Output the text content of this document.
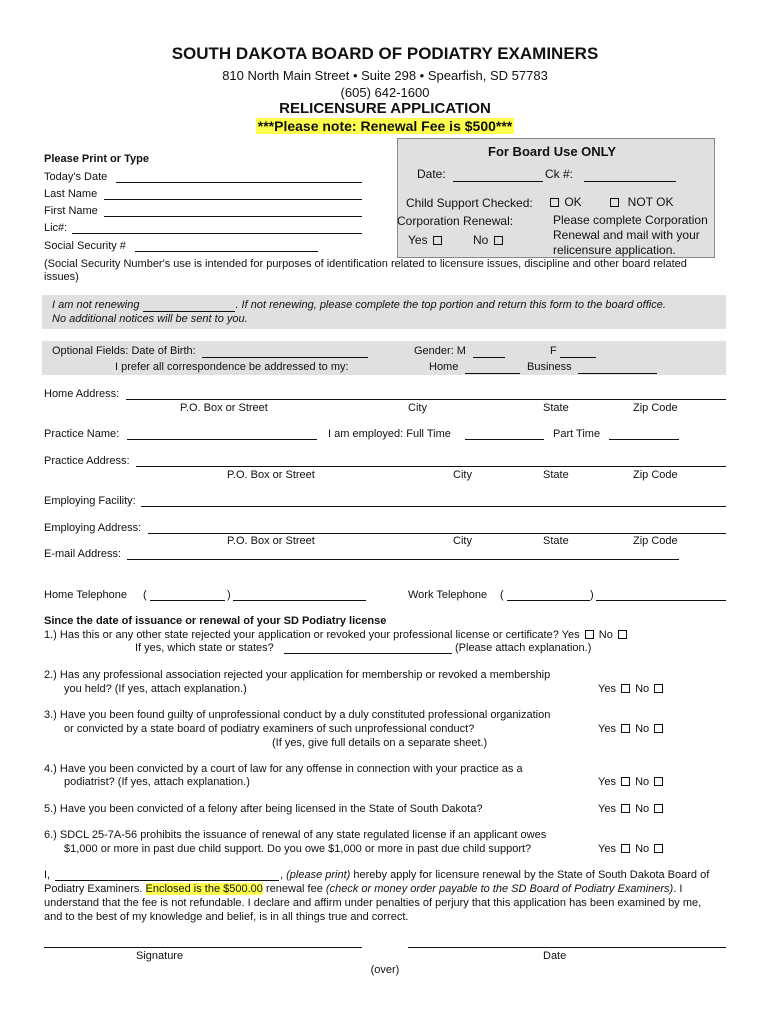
SOUTH DAKOTA BOARD OF PODIATRY EXAMINERS
810 North Main Street • Suite 298 • Spearfish, SD 57783
(605) 642-1600
RELICENSURE APPLICATION
***Please note: Renewal Fee is $500***
For Board Use ONLY
Date:	Ck #:
Child Support Checked:	OK	NOT OK
Corporation Renewal:
Yes	No
Please complete Corporation
Renewal and mail with your
relicensure application.
Please Print or Type
Today's Date
Last Name
First Name
Lic#:
Social Security #
(Social Security Number's use is intended for purposes of identification related to licensure issues, discipline and other board related
issues)
I am not renewing	. If not renewing, please complete the top portion and return this form to the board office.
No additional notices will be sent to you.
Optional Fields: Date of Birth:	Gender: M	F
I prefer all correspondence be addressed to my:	Home	Business
Home Address:
P.O. Box or Street	City	State	Zip Code
Practice Name:	I am employed: Full Time	Part Time
Practice Address:
P.O. Box or Street	City	State	Zip Code
Employing Facility:
Employing Address:
P.O. Box or Street	City	State	Zip Code
E-mail Address:
Home Telephone (	)	Work Telephone (	)
Since the date of issuance or renewal of your SD Podiatry license
1.) Has this or any other state rejected your application or revoked your professional license or certificate? Yes No
If yes, which state or states?	(Please attach explanation.)
2.) Has any professional association rejected your application for membership or revoked a membership
you held? (If yes, attach explanation.)	Yes No
3.) Have you been found guilty of unprofessional conduct by a duly constituted professional organization
or convicted by a state board of podiatry examiners of such unprofessional conduct?
(If yes, give full details on a separate sheet.)
Yes No
4.) Have you been convicted by a court of law for any offense in connection with your practice as a
podiatrist? (If yes, attach explanation.)	Yes No
5.) Have you been convicted of a felony after being licensed in the State of South Dakota?	Yes No
6.) SDCL 25-7A-56 prohibits the issuance of renewal of any state regulated license if an applicant owes
$1,000 or more in past due child support. Do you owe $1,000 or more in past due child support?	Yes No
I,	, (please print) hereby apply for licensure renewal by the State of South Dakota Board of
Podiatry Examiners. Enclosed is the $500.00 renewal fee (check or money order payable to the SD Board of Podiatry Examiners). I
understand that the fee is not refundable. I declare and affirm under penalties of perjury that this application has been examined by me,
and to the best of my knowledge and belief, is in all things true and correct.
Signature	Date
(over)
